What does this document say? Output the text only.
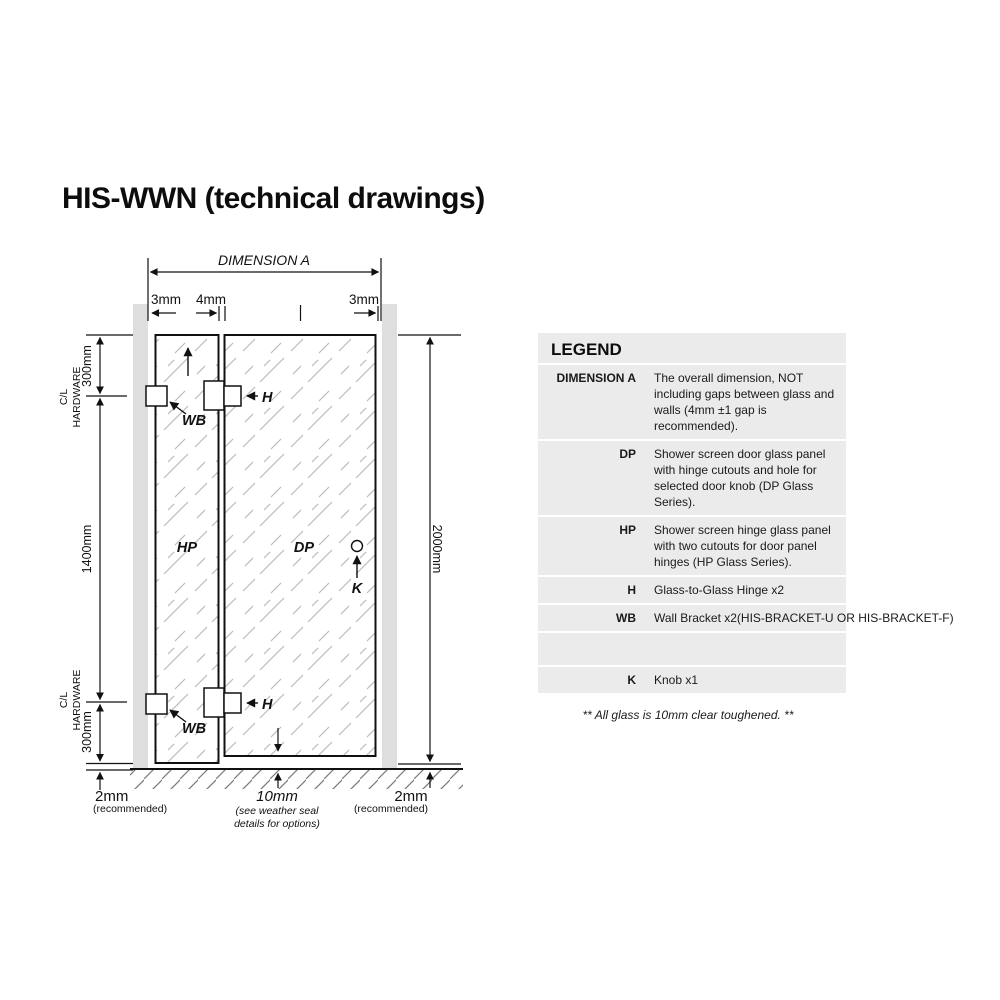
HIS-WWN (technical drawings)
DIMENSION A
3mm 4mm	3mm
300mm
C/L HARDWARE
1400mm
C/L HARDWARE
300mm
2mm
(recommended)
2000mm
2mm
(recommended)
10mm
(see weather seal
details for options)
HP	DP
K
H
H
WB
WB
LEGEND
DIMENSION A The overall dimension, NOT including gaps between glass and walls (4mm ±1 gap is recommended).
DP Shower screen door glass panel with hinge cutouts and hole for selected door knob (DP Glass Series).
HP Shower screen hinge glass panel with two cutouts for door panel hinges (HP Glass Series).
H Glass-to-Glass Hinge x2
WB Wall Bracket x2(HIS-BRACKET-U OR HIS-BRACKET-F)
K Knob x1
** All glass is 10mm clear toughened. **
